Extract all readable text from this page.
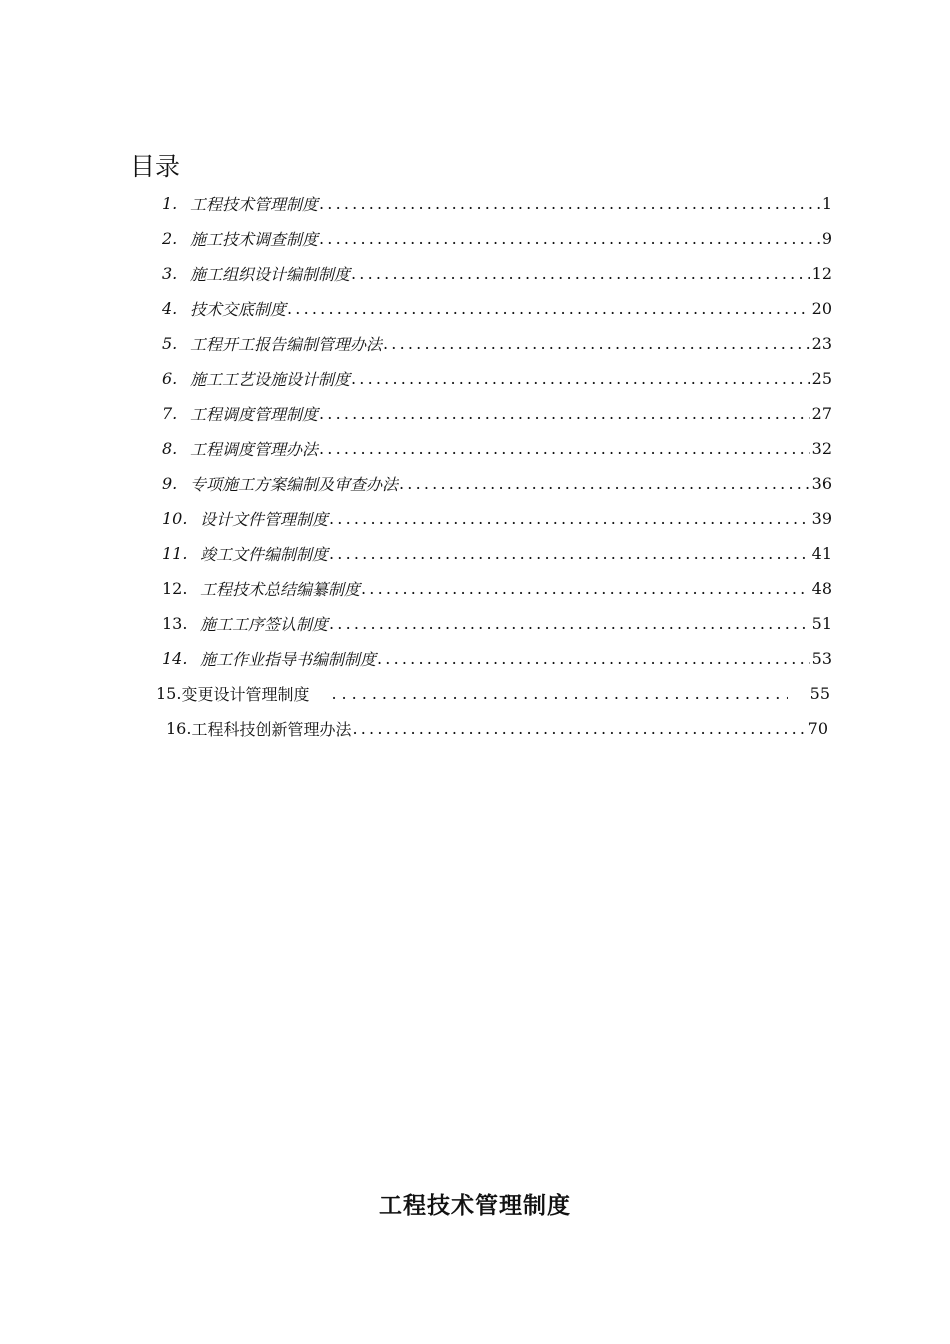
目录
1. 工程技术管理制度 .....	1
2. 施工技术调查制度 .....	9
3. 施工组织设计编制制度 .....	12
4. 技术交底制度 .....	20
5. 工程开工报告编制管理办法 .....	23
6. 施工工艺设施设计制度 .....	25
7. 工程调度管理制度 .....	27
8. 工程调度管理办法 .....	32
9. 专项施工方案编制及审查办法 .....	36
10. 设计文件管理制度 .....	39
11. 竣工文件编制制度 .....	41
12. 工程技术总结编纂制度 .....	48
13. 施工工序签认制度 .....	51
14. 施工作业指导书编制制度 .....	53
15. 变更设计管理制度 .....	55
16. 工程科技创新管理办法 .....	70
工程技术管理制度
